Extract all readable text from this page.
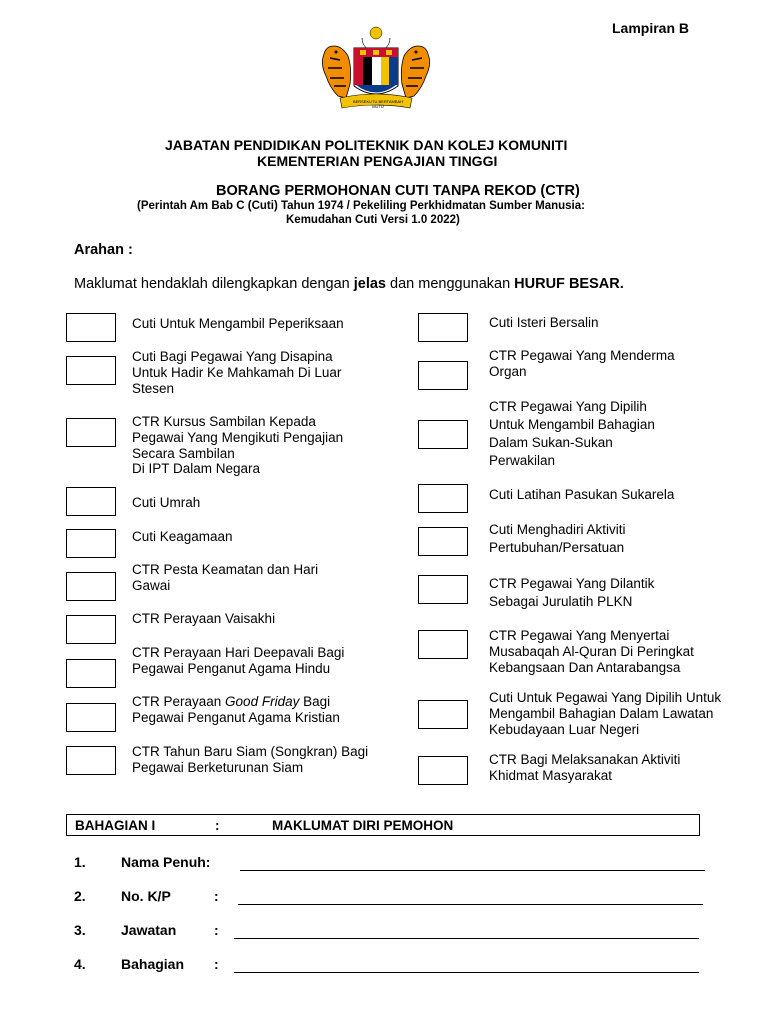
Lampiran B
BERSEKUTU BERTAMBAH MUTU
JABATAN PENDIDIKAN POLITEKNIK DAN KOLEJ KOMUNITI
KEMENTERIAN PENGAJIAN TINGGI
BORANG PERMOHONAN CUTI TANPA REKOD (CTR)
(Perintah Am Bab C (Cuti) Tahun 1974 / Pekeliling Perkhidmatan Sumber Manusia:
Kemudahan Cuti Versi 1.0 2022)
Arahan :
Maklumat hendaklah dilengkapkan dengan jelas dan menggunakan HURUF BESAR.
Cuti Untuk Mengambil Peperiksaan
Cuti Bagi Pegawai Yang Disapina Untuk Hadir Ke Mahkamah Di Luar Stesen
CTR Kursus Sambilan Kepada Pegawai Yang Mengikuti Pengajian Secara Sambilan
Di IPT Dalam Negara
Cuti Umrah
Cuti Keagamaan
CTR Pesta Keamatan dan Hari Gawai
CTR Perayaan Vaisakhi
CTR Perayaan Hari Deepavali Bagi Pegawai Penganut Agama Hindu
CTR Perayaan Good Friday Bagi Pegawai Penganut Agama Kristian
CTR Tahun Baru Siam (Songkran) Bagi Pegawai Berketurunan Siam
Cuti Isteri Bersalin
CTR Pegawai Yang Menderma Organ
CTR Pegawai Yang Dipilih Untuk Mengambil Bahagian Dalam Sukan-Sukan Perwakilan
Cuti Latihan Pasukan Sukarela
Cuti Menghadiri Aktiviti Pertubuhan/Persatuan
CTR Pegawai Yang Dilantik Sebagai Jurulatih PLKN
CTR Pegawai Yang Menyertai Musabaqah Al-Quran Di Peringkat Kebangsaan Dan Antarabangsa
Cuti Untuk Pegawai Yang Dipilih Untuk Mengambil Bahagian Dalam Lawatan Kebudayaan Luar Negeri
CTR Bagi Melaksanakan Aktiviti Khidmat Masyarakat
BAHAGIAN I	:	MAKLUMAT DIRI PEMOHON
1.	Nama Penuh:
2.	No. K/P	:
3.	Jawatan	:
4.	Bahagian :
